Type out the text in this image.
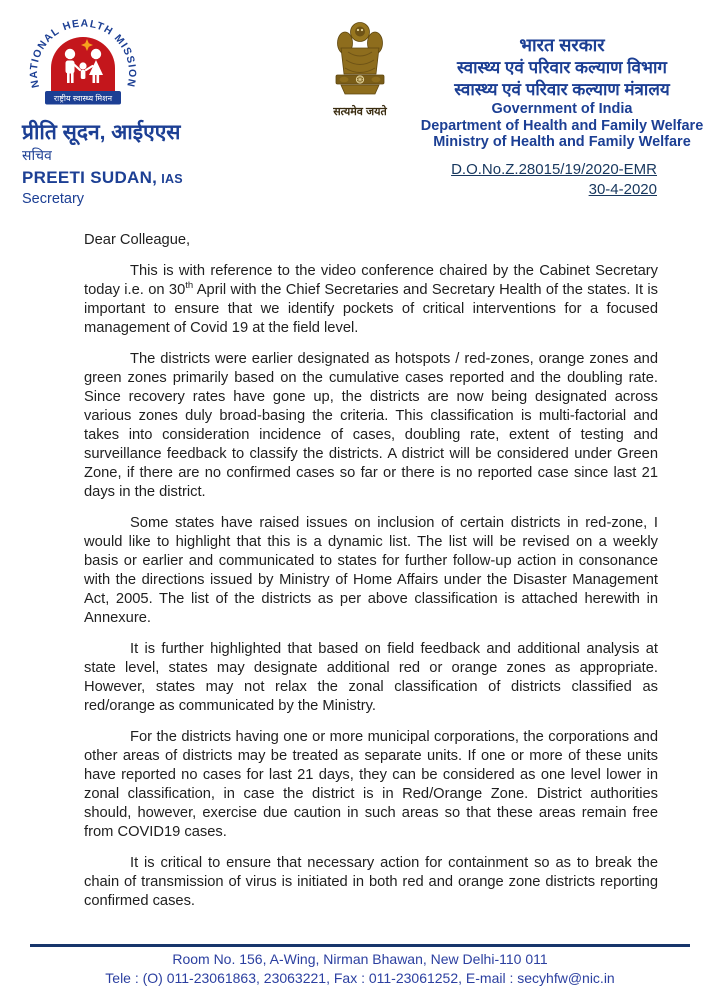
NATIONAL HEALTH MISSION
राष्ट्रीय स्वास्थ्य मिशन
प्रीति सूदन, आईएएस
सचिव
PREETI SUDAN, IAS
Secretary
सत्यमेव जयते
भारत सरकार
स्वास्थ्य एवं परिवार कल्याण विभाग
स्वास्थ्य एवं परिवार कल्याण मंत्रालय
Government of India
Department of Health and Family Welfare
Ministry of Health and Family Welfare
D.O.No.Z.28015/19/2020-EMR
30-4-2020
Dear Colleague,

This is with reference to the video conference chaired by the Cabinet Secretary today i.e. on 30th April with the Chief Secretaries and Secretary Health of the states. It is important to ensure that we identify pockets of critical interventions for a focused management of Covid 19 at the field level.

The districts were earlier designated as hotspots / red-zones, orange zones and green zones primarily based on the cumulative cases reported and the doubling rate. Since recovery rates have gone up, the districts are now being designated across various zones duly broad-basing the criteria. This classification is multi-factorial and takes into consideration incidence of cases, doubling rate, extent of testing and surveillance feedback to classify the districts. A district will be considered under Green Zone, if there are no confirmed cases so far or there is no reported case since last 21 days in the district.

Some states have raised issues on inclusion of certain districts in red-zone, I would like to highlight that this is a dynamic list. The list will be revised on a weekly basis or earlier and communicated to states for further follow-up action in consonance with the directions issued by Ministry of Home Affairs under the Disaster Management Act, 2005. The list of the districts as per above classification is attached herewith in Annexure.

It is further highlighted that based on field feedback and additional analysis at state level, states may designate additional red or orange zones as appropriate. However, states may not relax the zonal classification of districts classified as red/orange as communicated by the Ministry.

For the districts having one or more municipal corporations, the corporations and other areas of districts may be treated as separate units. If one or more of these units have reported no cases for last 21 days, they can be considered as one level lower in zonal classification, in case the district is in Red/Orange Zone. District authorities should, however, exercise due caution in such areas so that these areas remain free from COVID19 cases.

It is critical to ensure that necessary action for containment so as to break the chain of transmission of virus is initiated in both red and orange zone districts reporting confirmed cases.

Room No. 156, A-Wing, Nirman Bhawan, New Delhi-110 011
Tele : (O) 011-23061863, 23063221, Fax : 011-23061252, E-mail : secyhfw@nic.in
